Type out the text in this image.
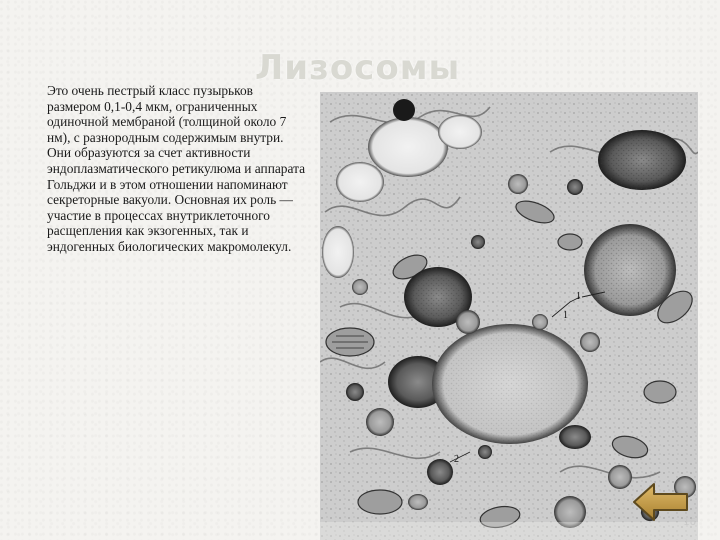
Лизосомы

Это очень пестрый класс пузырьков размером 0,1-0,4 мкм, ограниченных одиночной мембраной (толщиной около 7 нм), с разнородным содержимым внутри. Они образуются за счет активности эндоплазматического ретикулюма и аппарата Гольджи и в этом отношении напоминают секреторные вакуоли. Основная их роль — участие в процессах внутриклеточного расщепления как экзогенных, так и эндогенных биологических макромолекул.

1
1
2
16
